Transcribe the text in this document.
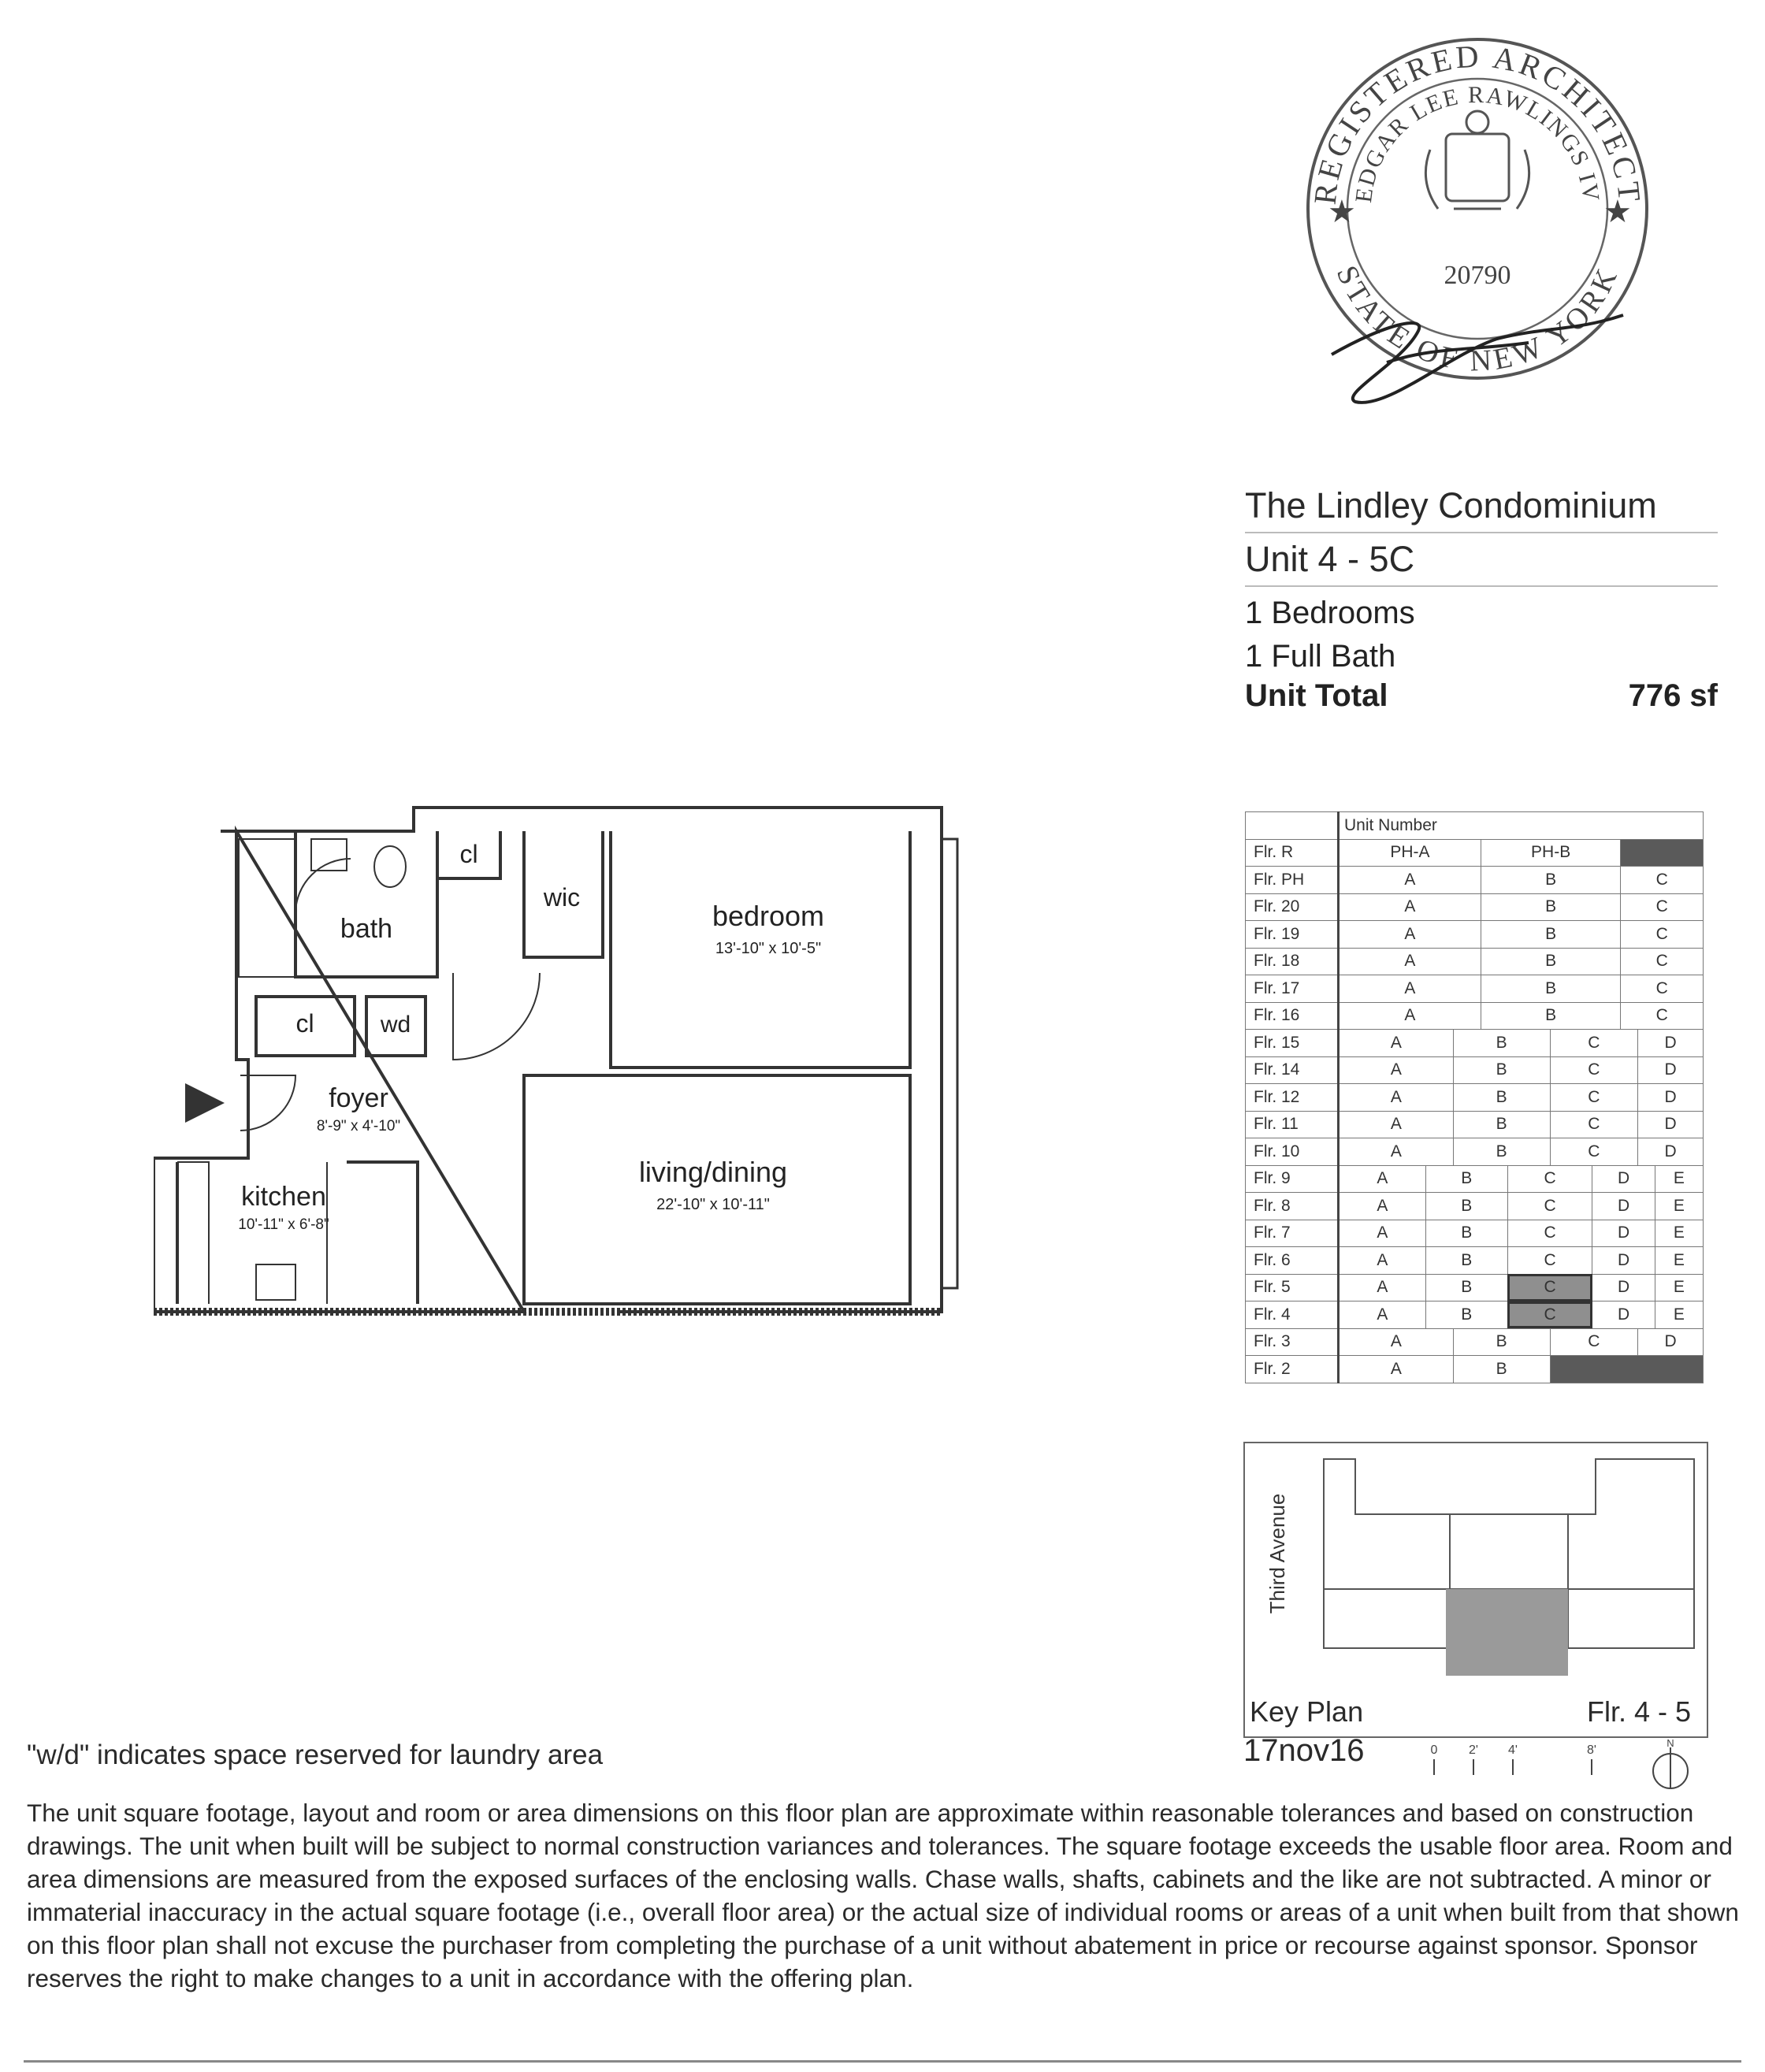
REGISTERED ARCHITECT
EDGAR LEE RAWLINGS IV
STATE OF NEW YORK
★	★
20790
The Lindley Condominium
Unit 4 - 5C
1 Bedrooms
1 Full Bath
Unit Total	776 sf
	Unit Number									
Flr. R	PH-A			PH-B						
Flr. PH	A			B				C		
Flr. 20	A			B				C		
Flr. 19	A			B				C		
Flr. 18	A			B				C		
Flr. 17	A			B				C		
Flr. 16	A			B				C		
Flr. 15	A		B			C			D	
Flr. 14	A		B			C			D	
Flr. 12	A		B			C			D	
Flr. 11	A		B			C			D	
Flr. 10	A		B			C			D	
Flr. 9	A	B			C		D			E
Flr. 8	A	B			C		D			E
Flr. 7	A	B			C		D			E
Flr. 6	A	B			C		D			E
Flr. 5	A	B			C		D			E
Flr. 4	A	B			C		D			E
Flr. 3	A		B			C			D	
Flr. 2	A		B							
bath
cl
wic
cl	wd
bedroom
13'-10" x 10'-5"
foyer
8'-9" x 4'-10"
kitchen
10'-11" x 6'-8"
living/dining
22'-10" x 10'-11"
Third Avenue
Key Plan	Flr. 4 - 5
"w/d" indicates space reserved for laundry area	17nov16	0 2' 4'	8'
N
The unit square footage, layout and room or area dimensions on this floor plan are approximate within reasonable tolerances and based on construction drawings. The unit when built will be subject to normal construction variances and tolerances. The square footage exceeds the usable floor area. Room and area dimensions are measured from the exposed surfaces of the enclosing walls. Chase walls, shafts, cabinets and the like are not subtracted. A minor or immaterial inaccuracy in the actual square footage (i.e., overall floor area) or the actual size of individual rooms or areas of a unit when built from that shown on this floor plan shall not excuse the purchaser from completing the purchase of a unit without abatement in price or recourse against sponsor. Sponsor reserves the right to make changes to a unit in accordance with the offering plan.
